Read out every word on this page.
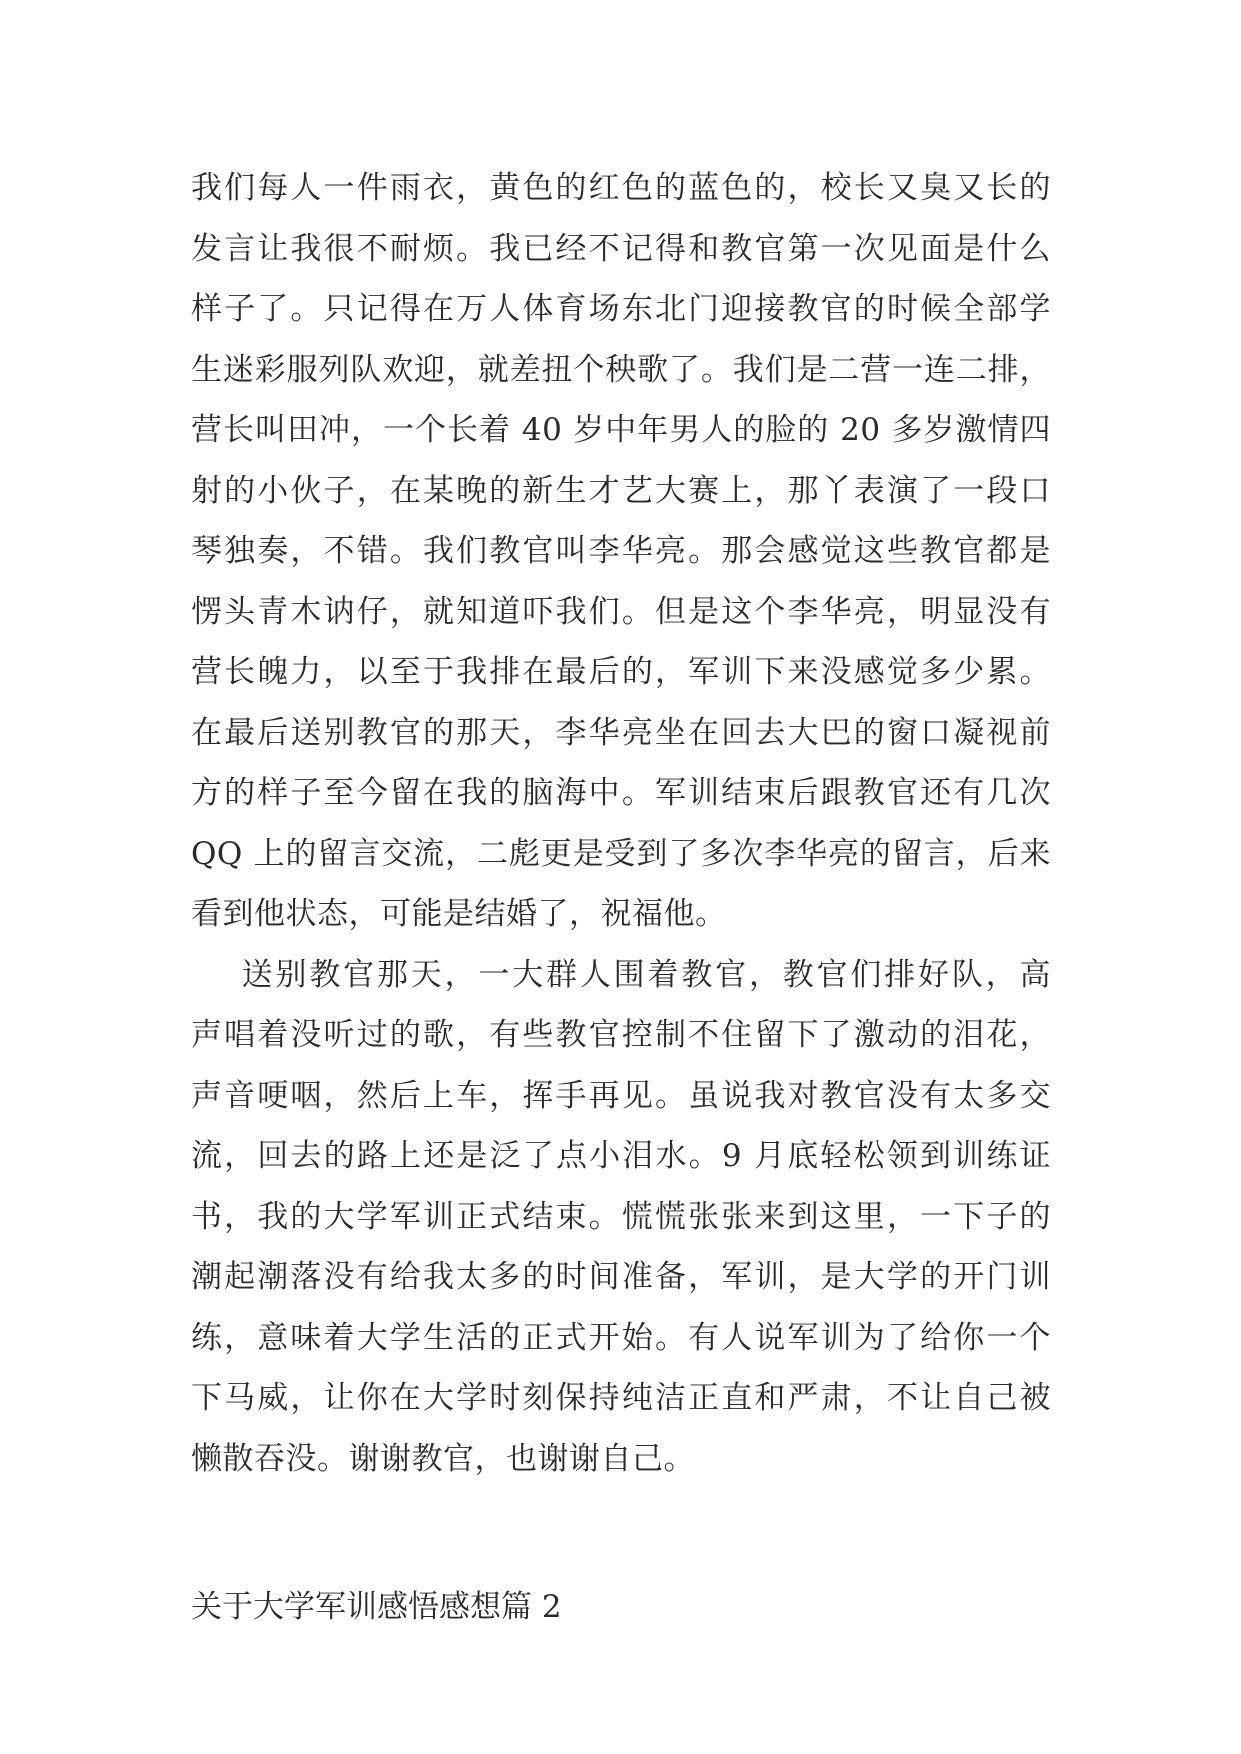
我们每人一件雨衣，黄色的红色的蓝色的，校长又臭又长的
发言让我很不耐烦。我已经不记得和教官第一次见面是什么
样子了。只记得在万人体育场东北门迎接教官的时候全部学
生迷彩服列队欢迎，就差扭个秧歌了。我们是二营一连二排，
营长叫田冲，一个长着 40 岁中年男人的脸的 20 多岁激情四
射的小伙子，在某晚的新生才艺大赛上，那丫表演了一段口
琴独奏，不错。我们教官叫李华亮。那会感觉这些教官都是
愣头青木讷仔，就知道吓我们。但是这个李华亮，明显没有
营长魄力，以至于我排在最后的，军训下来没感觉多少累。
在最后送别教官的那天，李华亮坐在回去大巴的窗口凝视前
方的样子至今留在我的脑海中。军训结束后跟教官还有几次
QQ 上的留言交流，二彪更是受到了多次李华亮的留言，后来
看到他状态，可能是结婚了，祝福他。
送别教官那天，一大群人围着教官，教官们排好队，高
声唱着没听过的歌，有些教官控制不住留下了激动的泪花，
声音哽咽，然后上车，挥手再见。虽说我对教官没有太多交
流，回去的路上还是泛了点小泪水。9 月底轻松领到训练证
书，我的大学军训正式结束。慌慌张张来到这里，一下子的
潮起潮落没有给我太多的时间准备，军训，是大学的开门训
练，意味着大学生活的正式开始。有人说军训为了给你一个
下马威，让你在大学时刻保持纯洁正直和严肃，不让自己被
懒散吞没。谢谢教官，也谢谢自己。
关于大学军训感悟感想篇 2
